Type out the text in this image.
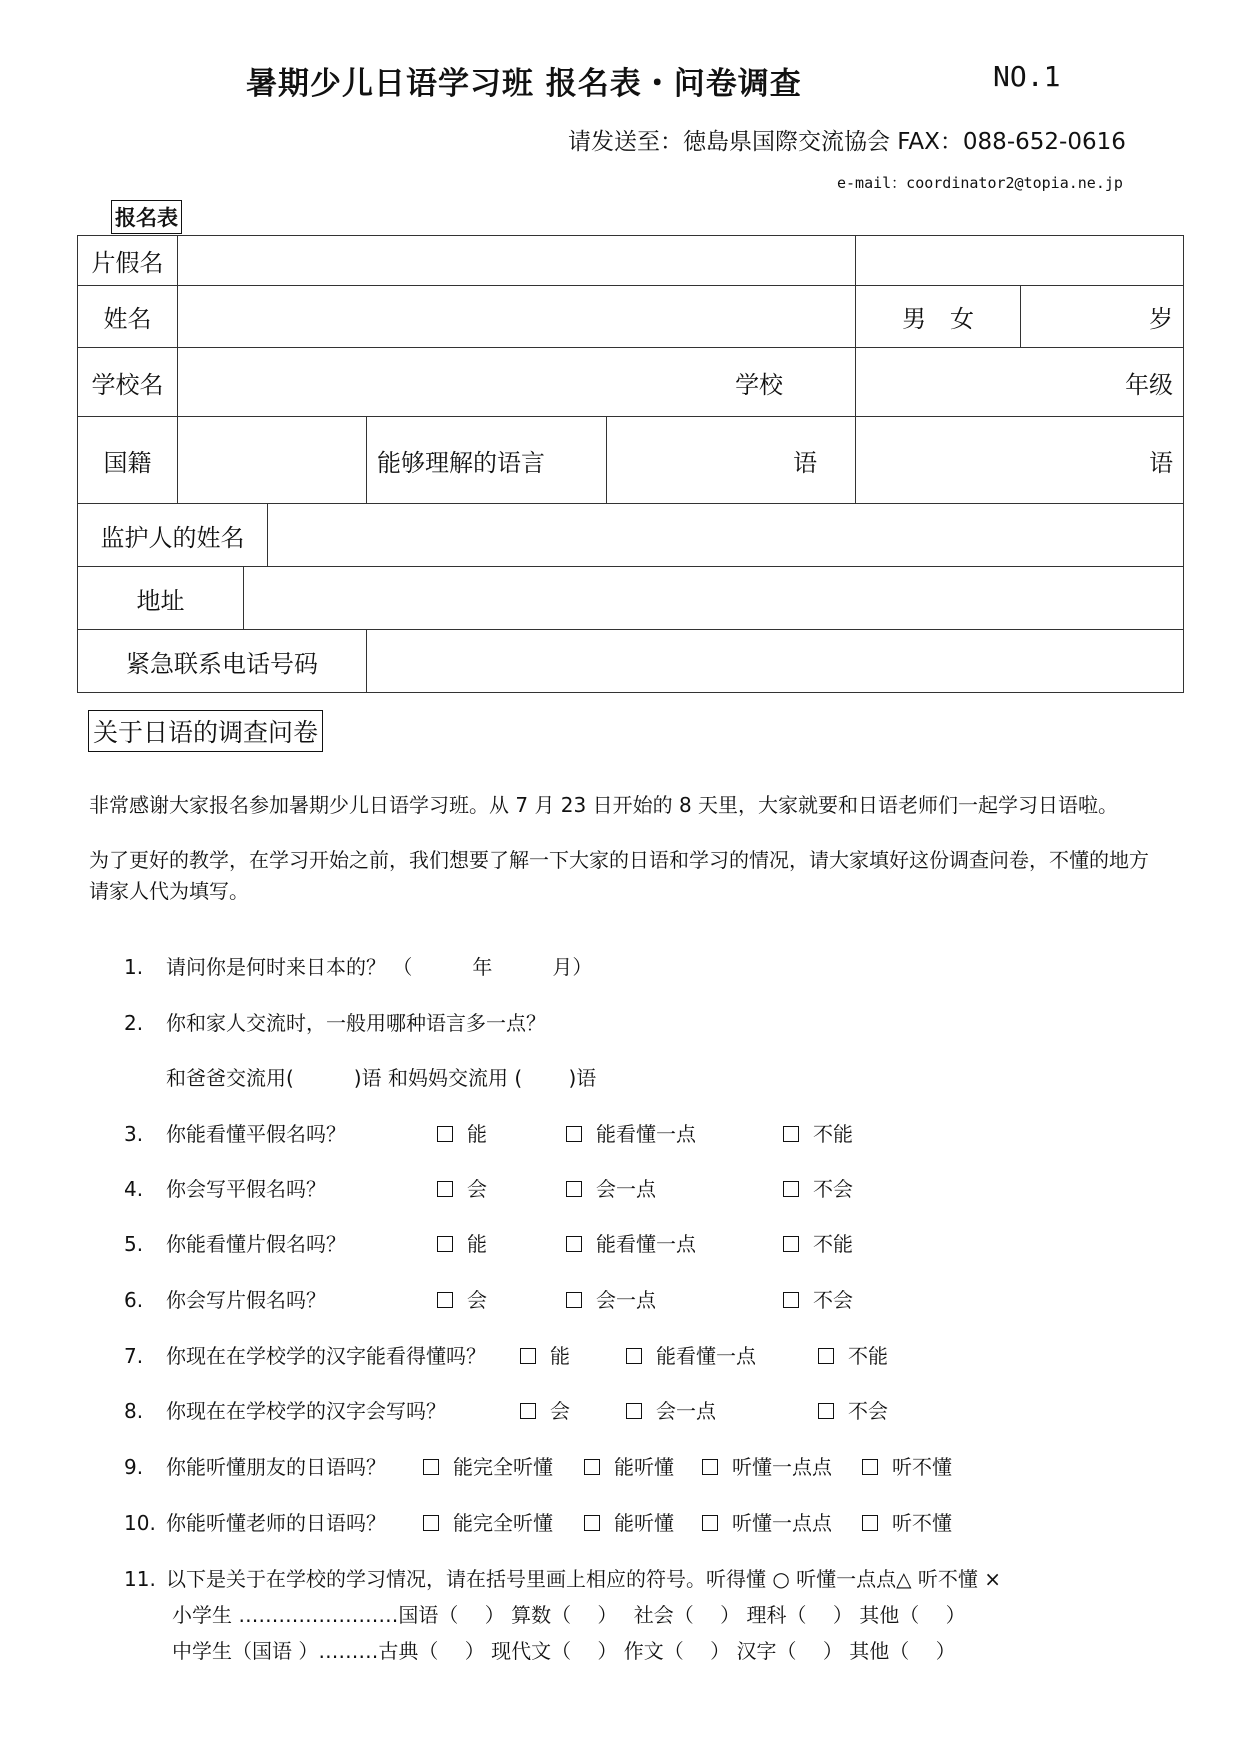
暑期少儿日语学习班 报名表・问卷调查	NO.1
请发送至：徳島県国際交流協会 FAX：088-652-0616
e-mail：coordinator2@topia.ne.jp
报名表
片假名							
姓名						男　女	岁
学校名	学校					年级	
国籍				能够理解的语言	语	语	
监护人的姓名							
地址							
紧急联系电话号码							
关于日语的调查问卷
非常感谢大家报名参加暑期少儿日语学习班。从 7 月 23 日开始的 8 天里，大家就要和日语老师们一起学习日语啦。
为了更好的教学，在学习开始之前，我们想要了解一下大家的日语和学习的情况，请大家填好这份调查问卷，不懂的地方请家人代为填写。
1. 请问你是何时来日本的？ （　　　年　　　月）
2. 你和家人交流时，一般用哪种语言多一点？
和爸爸交流用(　　　)语 和妈妈交流用 (　　 )语
3. 你能看懂平假名吗？	能	能看懂一点	不能
4. 你会写平假名吗？	会	会一点	不会
5. 你能看懂片假名吗？	能	能看懂一点	不能
6. 你会写片假名吗？	会	会一点	不会
7. 你现在在学校学的汉字能看得懂吗？	能	能看懂一点	不能
8. 你现在在学校学的汉字会写吗？	会	会一点	不会
9. 你能听懂朋友的日语吗？	能完全听懂	能听懂	听懂一点点	听不懂
10. 你能听懂老师的日语吗？	能完全听懂	能听懂	听懂一点点	听不懂
11. 以下是关于在学校的学习情况，请在括号里画上相应的符号。听得懂 ○ 听懂一点点△ 听不懂 ×
小学生 ……………………国语（　 ） 算数（　 ）　 社会（　 ） 理科（　 ） 其他（　 ）
中学生（国语 ）………古典（　 ） 现代文（　 ） 作文（　 ） 汉字（　 ） 其他（　 ）
